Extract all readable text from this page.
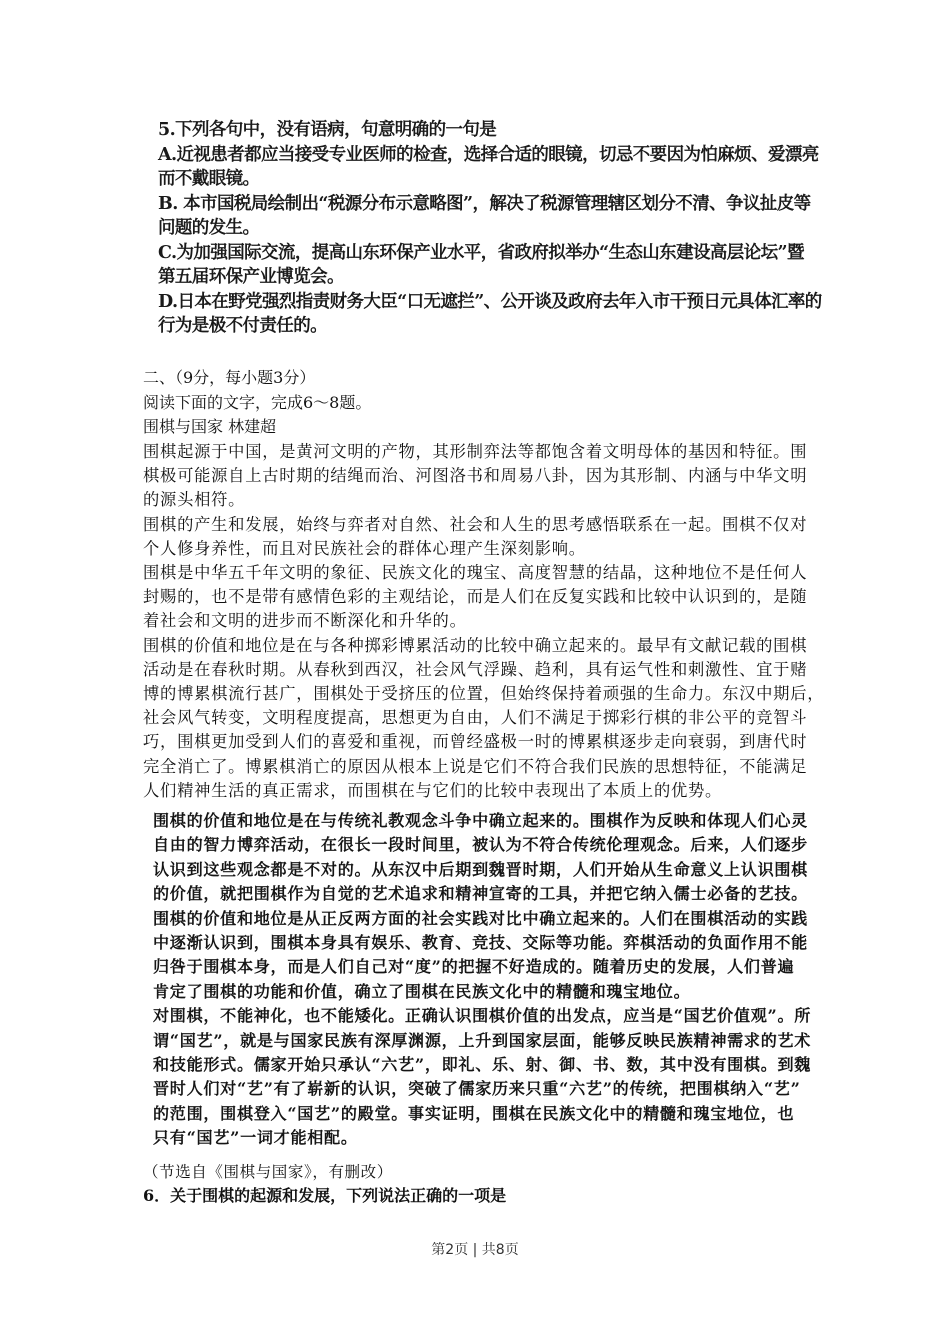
5.下列各句中，没有语病，句意明确的一句是
A.近视患者都应当接受专业医师的检查，选择合适的眼镜，切忌不要因为怕麻烦、爱漂亮
而不戴眼镜。
B. 本市国税局绘制出“税源分布示意略图”，解决了税源管理辖区划分不清、争议扯皮等
问题的发生。
C.为加强国际交流，提高山东环保产业水平，省政府拟举办“生态山东建设高层论坛”暨
第五届环保产业博览会。
D.日本在野党强烈指责财务大臣“口无遮拦”、公开谈及政府去年入市干预日元具体汇率的
行为是极不付责任的。
二、（9分，每小题3分）
阅读下面的文字，完成6～8题。
围棋与国家 林建超
围棋起源于中国，是黄河文明的产物，其形制弈法等都饱含着文明母体的基因和特征。围
棋极可能源自上古时期的结绳而治、河图洛书和周易八卦，因为其形制、内涵与中华文明
的源头相符。
围棋的产生和发展，始终与弈者对自然、社会和人生的思考感悟联系在一起。围棋不仅对
个人修身养性，而且对民族社会的群体心理产生深刻影响。
围棋是中华五千年文明的象征、民族文化的瑰宝、高度智慧的结晶，这种地位不是任何人
封赐的，也不是带有感情色彩的主观结论，而是人们在反复实践和比较中认识到的，是随
着社会和文明的进步而不断深化和升华的。
围棋的价值和地位是在与各种掷彩博累活动的比较中确立起来的。最早有文献记载的围棋
活动是在春秋时期。从春秋到西汉，社会风气浮躁、趋利，具有运气性和刺激性、宜于赌
博的博累棋流行甚广，围棋处于受挤压的位置，但始终保持着顽强的生命力。东汉中期后，
社会风气转变，文明程度提高，思想更为自由，人们不满足于掷彩行棋的非公平的竞智斗
巧，围棋更加受到人们的喜爱和重视，而曾经盛极一时的博累棋逐步走向衰弱，到唐代时
完全消亡了。博累棋消亡的原因从根本上说是它们不符合我们民族的思想特征，不能满足
人们精神生活的真正需求，而围棋在与它们的比较中表现出了本质上的优势。
围棋的价值和地位是在与传统礼教观念斗争中确立起来的。围棋作为反映和体现人们心灵
自由的智力博弈活动，在很长一段时间里，被认为不符合传统伦理观念。后来，人们逐步
认识到这些观念都是不对的。从东汉中后期到魏晋时期，人们开始从生命意义上认识围棋
的价值，就把围棋作为自觉的艺术追求和精神宣寄的工具，并把它纳入儒士必备的艺技。
围棋的价值和地位是从正反两方面的社会实践对比中确立起来的。人们在围棋活动的实践
中逐渐认识到，围棋本身具有娱乐、教育、竞技、交际等功能。弈棋活动的负面作用不能
归咎于围棋本身，而是人们自己对“度”的把握不好造成的。随着历史的发展，人们普遍
肯定了围棋的功能和价值，确立了围棋在民族文化中的精髓和瑰宝地位。
对围棋，不能神化，也不能矮化。正确认识围棋价值的出发点，应当是“国艺价值观”。所
谓“国艺”，就是与国家民族有深厚渊源，上升到国家层面，能够反映民族精神需求的艺术
和技能形式。儒家开始只承认“六艺”，即礼、乐、射、御、书、数，其中没有围棋。到魏
晋时人们对“艺”有了崭新的认识，突破了儒家历来只重“六艺”的传统，把围棋纳入“艺”
的范围，围棋登入“国艺”的殿堂。事实证明，围棋在民族文化中的精髓和瑰宝地位，也
只有“国艺”一词才能相配。
（节选自《围棋与国家》，有删改）
6．关于围棋的起源和发展，下列说法正确的一项是
第2页 | 共8页
